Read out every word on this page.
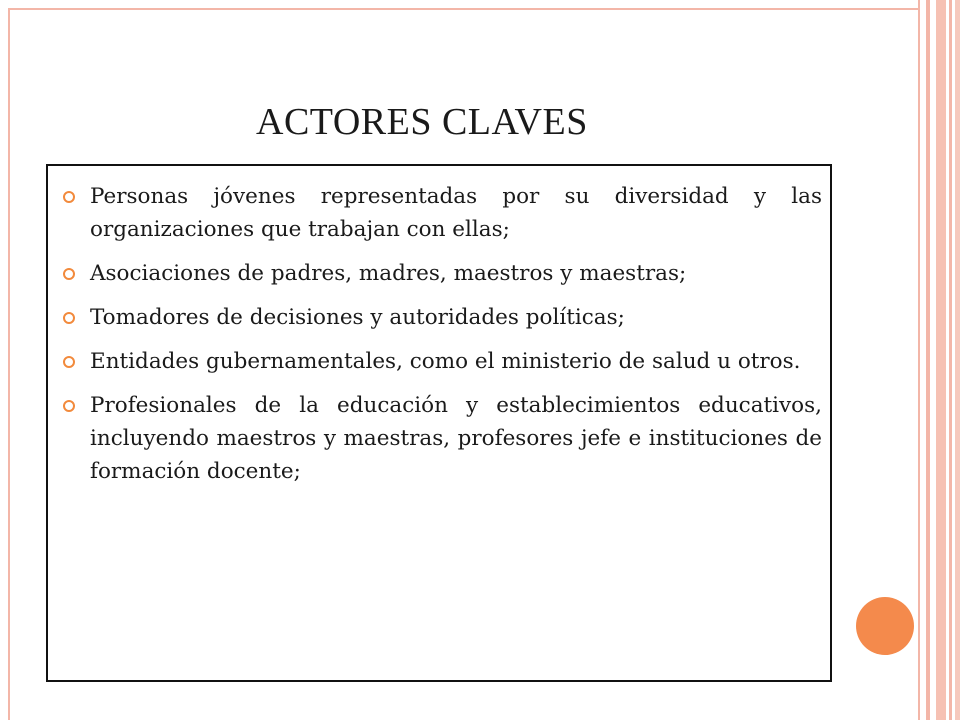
ACTORES CLAVES
Personas jóvenes representadas por su diversidad y las organizaciones que trabajan con ellas;
Asociaciones de padres, madres, maestros y maestras;
Tomadores de decisiones y autoridades políticas;
Entidades gubernamentales, como el ministerio de salud u otros.
Profesionales de la educación y establecimientos educativos, incluyendo maestros y maestras, profesores jefe e instituciones de formación docente;
